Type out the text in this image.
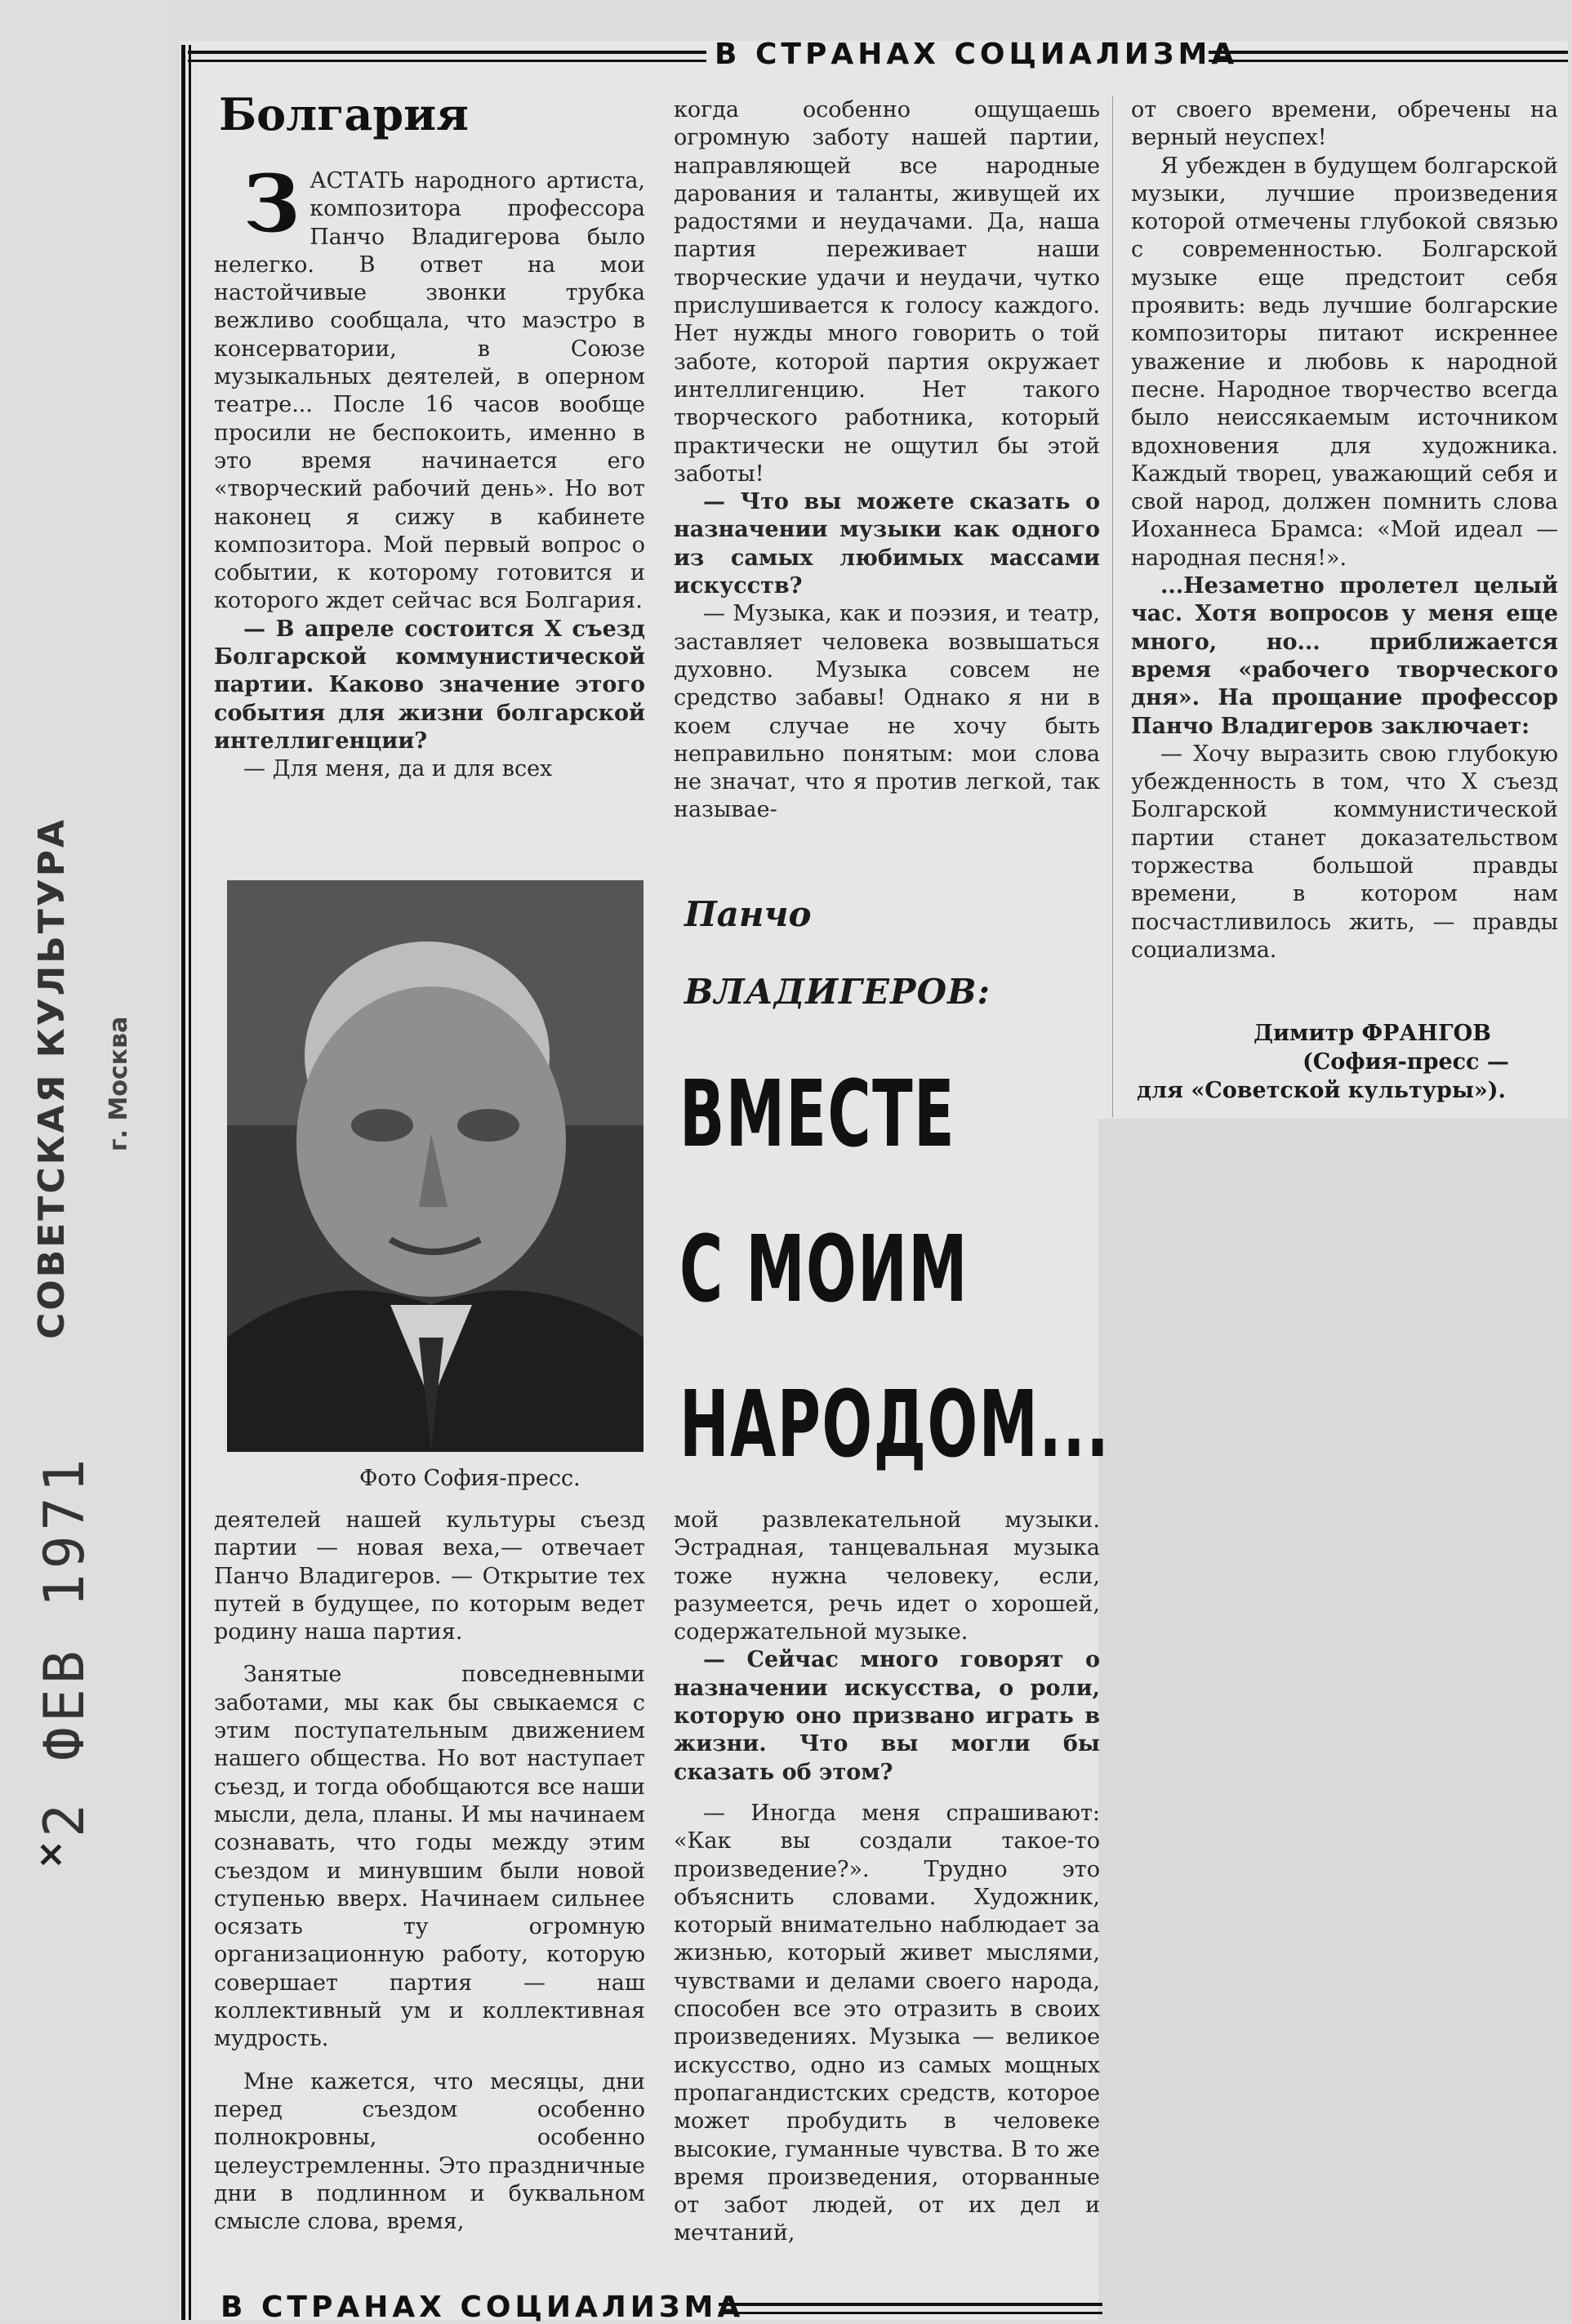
СОВЕТСКАЯ КУЛЬТУРА г. Москва
2 ФЕВ 1971
×
В СТРАНАХ СОЦИАЛИЗМА
Болгария
З АСТАТЬ народного артиста, композитора профессора Панчо Владигерова было нелегко. В ответ на мои настойчивые звонки трубка вежливо сообщала, что маэстро в консерватории, в Союзе музыкальных деятелей, в оперном театре... После 16 часов вообще просили не беспокоить, именно в это время начинается его «творческий рабочий день». Но вот наконец я сижу в кабинете композитора. Мой первый вопрос о событии, к которому готовится и которого ждет сейчас вся Болгария.

— В апреле состоится X съезд Болгарской коммунистической партии. Каково значение этого события для жизни болгарской интеллигенции?

— Для меня, да и для всех

Фото София-пресс.

деятелей нашей культуры съезд партии — новая веха,— отвечает Панчо Владигеров. — Открытие тех путей в будущее, по которым ведет родину наша партия.

Занятые повседневными заботами, мы как бы свыкаемся с этим поступательным движением нашего общества. Но вот наступает съезд, и тогда обобщаются все наши мысли, дела, планы. И мы начинаем сознавать, что годы между этим съездом и минувшим были новой ступенью вверх. Начинаем сильнее осязать ту огромную организационную работу, которую совершает партия — наш коллективный ум и коллективная мудрость.

Мне кажется, что месяцы, дни перед съездом особенно полнокровны, особенно целеустремленны. Это праздничные дни в подлинном и буквальном смысле слова, время,

когда особенно ощущаешь огромную заботу нашей партии, направляющей все народные дарования и таланты, живущей их радостями и неудачами. Да, наша партия переживает наши творческие удачи и неудачи, чутко прислушивается к голосу каждого. Нет нужды много говорить о той заботе, которой партия окружает интеллигенцию. Нет такого творческого работника, который практически не ощутил бы этой заботы!

— Что вы можете сказать о назначении музыки как одного из самых любимых массами искусств?

— Музыка, как и поэзия, и театр, заставляет человека возвышаться духовно. Музыка совсем не средство забавы! Однако я ни в коем случае не хочу быть неправильно понятым: мои слова не значат, что я против легкой, так называе-

Панчо
ВЛАДИГЕРОВ:
ВМЕСТЕ
С МОИМ
НАРОДОМ...

мой развлекательной музыки. Эстрадная, танцевальная музыка тоже нужна человеку, если, разумеется, речь идет о хорошей, содержательной музыке.

— Сейчас много говорят о назначении искусства, о роли, которую оно призвано играть в жизни. Что вы могли бы сказать об этом?

— Иногда меня спрашивают: «Как вы создали такое-то произведение?». Трудно это объяснить словами. Художник, который внимательно наблюдает за жизнью, который живет мыслями, чувствами и делами своего народа, способен все это отразить в своих произведениях. Музыка — великое искусство, одно из самых мощных пропагандистских средств, которое может пробудить в человеке высокие, гуманные чувства. В то же время произведения, оторванные от забот людей, от их дел и мечтаний,

от своего времени, обречены на верный неуспех!

Я убежден в будущем болгарской музыки, лучшие произведения которой отмечены глубокой связью с современностью. Болгарской музыке еще предстоит себя проявить: ведь лучшие болгарские композиторы питают искреннее уважение и любовь к народной песне. Народное творчество всегда было неиссякаемым источником вдохновения для художника. Каждый творец, уважающий себя и свой народ, должен помнить слова Иоханнеса Брамса: «Мой идеал — народная песня!».

...Незаметно пролетел целый час. Хотя вопросов у меня еще много, но... приближается время «рабочего творческого дня». На прощание профессор Панчо Владигеров заключает:

— Хочу выразить свою глубокую убежденность в том, что X съезд Болгарской коммунистической партии станет доказательством торжества большой правды времени, в котором нам посчастливилось жить, — правды социализма.

Димитр ФРАНГОВ
(София-пресс —
для «Советской культуры»).
В СТРАНАХ СОЦИАЛИЗМА
